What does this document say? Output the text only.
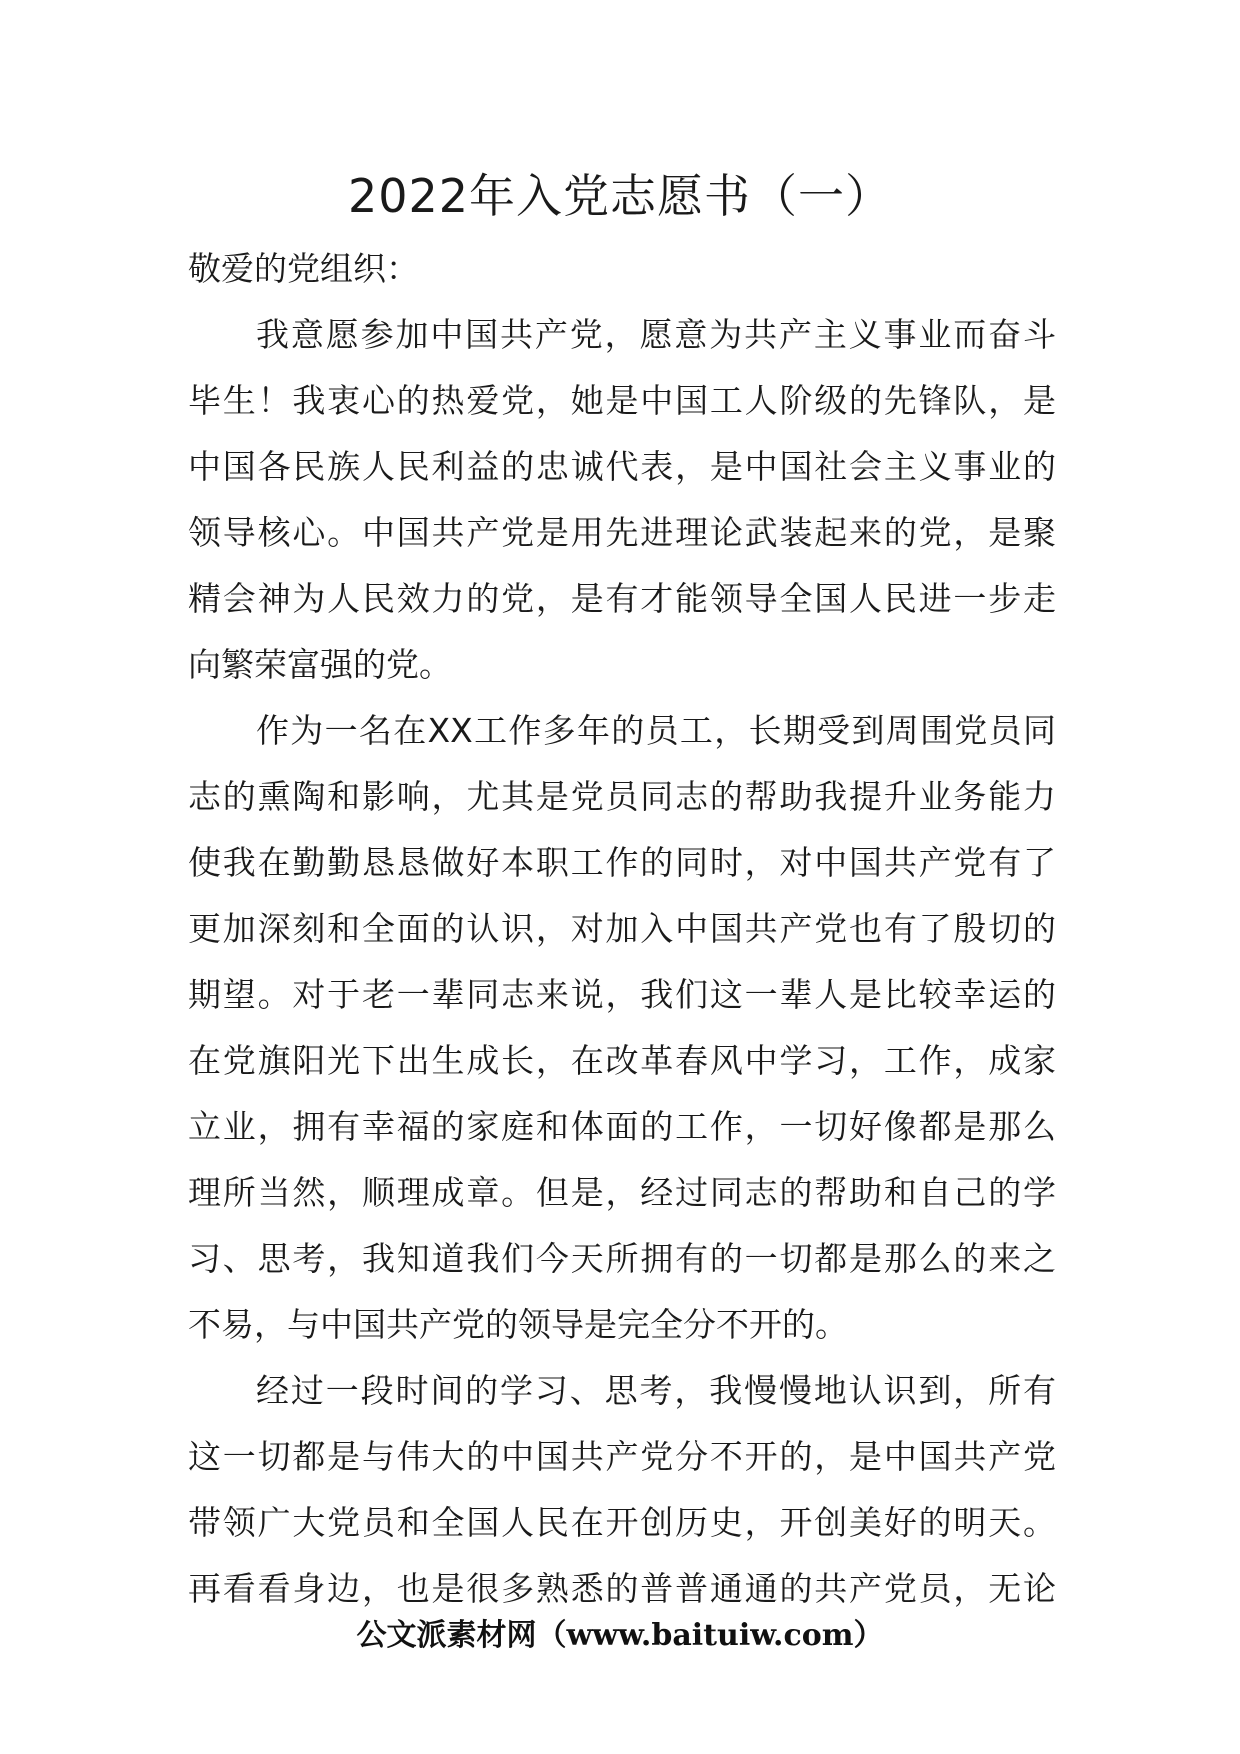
2022年入党志愿书（一）

敬爱的党组织：

我意愿参加中国共产党，愿意为共产主义事业而奋斗
毕生！我衷心的热爱党，她是中国工人阶级的先锋队，是
中国各民族人民利益的忠诚代表，是中国社会主义事业的
领导核心。中国共产党是用先进理论武装起来的党，是聚
精会神为人民效力的党，是有才能领导全国人民进一步走
向繁荣富强的党。
作为一名在XX工作多年的员工，长期受到周围党员同
志的熏陶和影响，尤其是党员同志的帮助我提升业务能力
使我在勤勤恳恳做好本职工作的同时，对中国共产党有了
更加深刻和全面的认识，对加入中国共产党也有了殷切的
期望。对于老一辈同志来说，我们这一辈人是比较幸运的
在党旗阳光下出生成长，在改革春风中学习，工作，成家
立业，拥有幸福的家庭和体面的工作，一切好像都是那么
理所当然，顺理成章。但是，经过同志的帮助和自己的学
习、思考，我知道我们今天所拥有的一切都是那么的来之
不易，与中国共产党的领导是完全分不开的。
经过一段时间的学习、思考，我慢慢地认识到，所有
这一切都是与伟大的中国共产党分不开的，是中国共产党
带领广大党员和全国人民在开创历史，开创美好的明天。
再看看身边，也是很多熟悉的普普通通的共产党员，无论
公文派素材网（www.baituiw.com）
